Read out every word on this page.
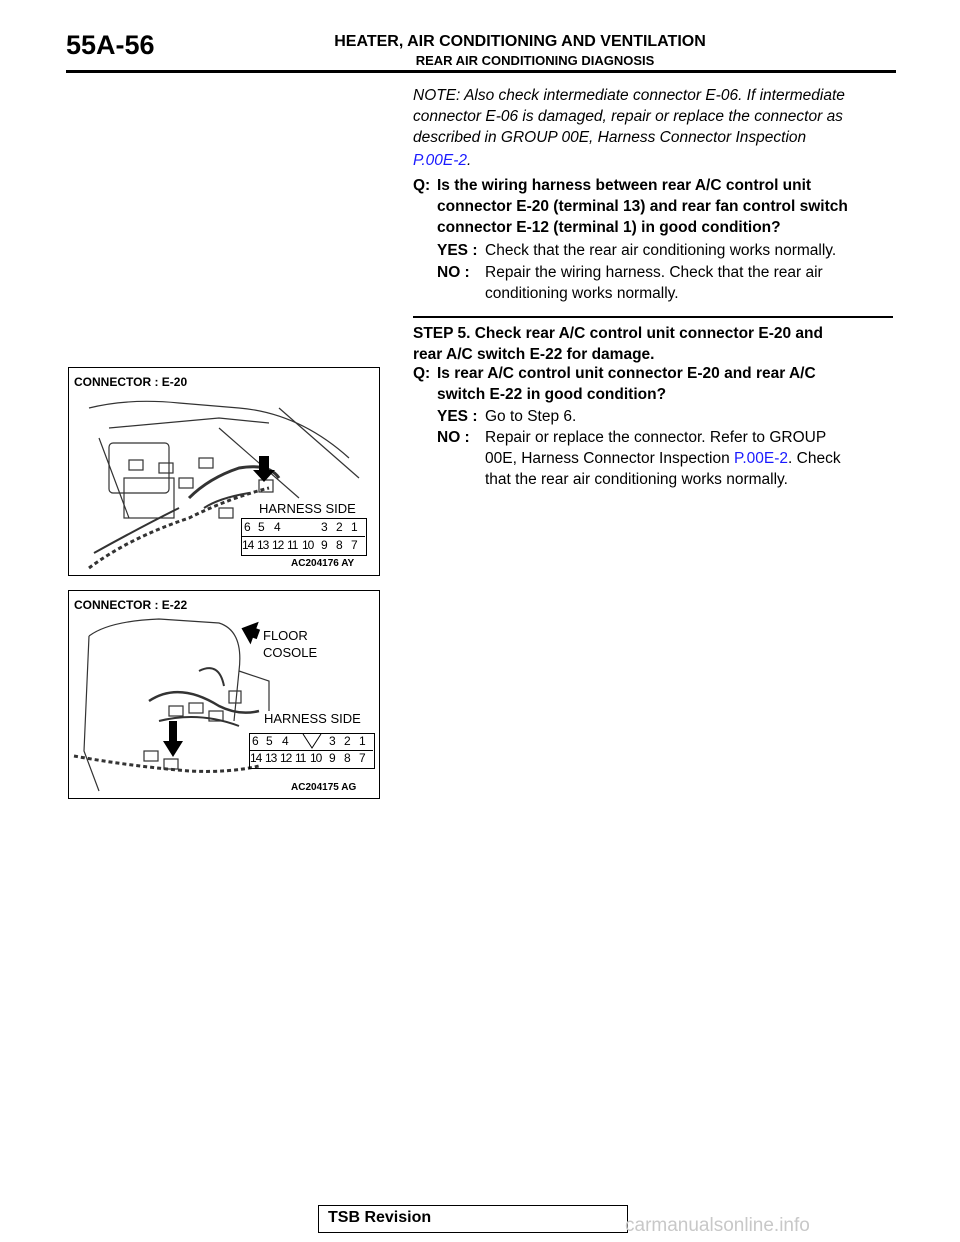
55A-56	HEATER, AIR CONDITIONING AND VENTILATION
REAR AIR CONDITIONING DIAGNOSIS
NOTE: Also check intermediate connector E-06. If intermediate
connector E-06 is damaged, repair or replace the connector as
described in GROUP 00E, Harness Connector Inspection
P.00E-2.
Q: Is the wiring harness between rear A/C control unit
connector E-20 (terminal 13) and rear fan control switch
connector E-12 (terminal 1) in good condition?
YES : Check that the rear air conditioning works normally.
NO : Repair the wiring harness. Check that the rear air
conditioning works normally.
STEP 5. Check rear A/C control unit connector E-20 and
rear A/C switch E-22 for damage.
Q: Is rear A/C control unit connector E-20 and rear A/C
switch E-22 in good condition?
YES : Go to Step 6.
NO : Repair or replace the connector. Refer to GROUP
00E, Harness Connector Inspection P.00E-2. Check
that the rear air conditioning works normally.
CONNECTOR : E-20
HARNESS SIDE
6 5 4	3 2 1
14 13 12 11 10 9 8 7
AC204176 AY
CONNECTOR : E-22
FLOOR
COSOLE
HARNESS SIDE
6 5 4	3 2 1
14 13 12 11 10 9 8 7
AC204175 AG
TSB Revision	carmanualsonline.info
